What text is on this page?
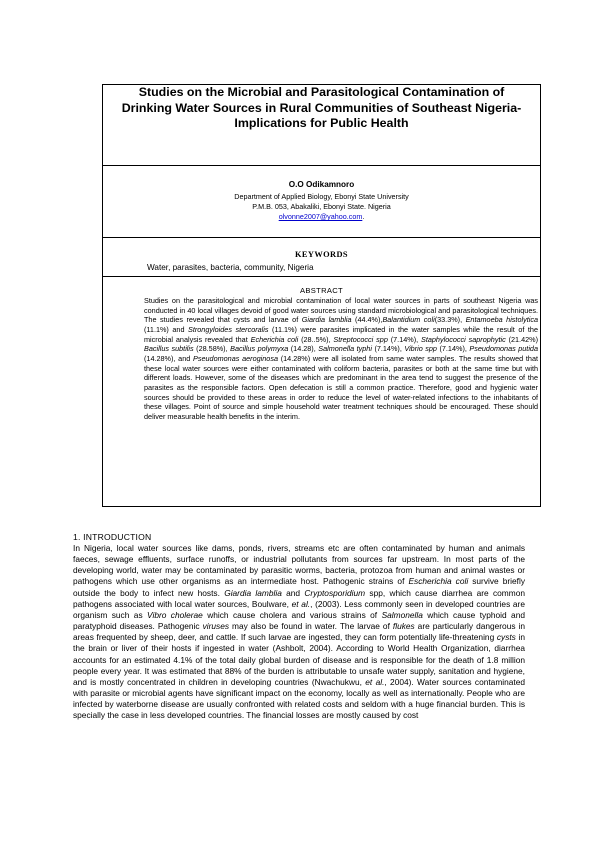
Studies on the Microbial and Parasitological Contamination of Drinking Water Sources in Rural Communities of Southeast Nigeria-Implications for Public Health
O.O Odikamnoro
Department of Applied Biology, Ebonyi State University
P.M.B. 053, Abakaliki, Ebonyi State. Nigeria
olvonne2007@yahoo.com.
KEYWORDS
Water, parasites, bacteria, community, Nigeria
ABSTRACT
Studies on the parasitological and microbial contamination of local water sources in parts of southeast Nigeria was conducted in 40 local villages devoid of good water sources using standard microbiological and parasitological techniques. The studies revealed that cysts and larvae of Giardia lamblia (44.4%),Balantidium coli(33.3%), Entamoeba histolytica (11.1%) and Strongyloides stercoralis (11.1%) were parasites implicated in the water samples while the result of the microbial analysis revealed that Echerichia coli (28..5%), Streptococci spp (7.14%), Staphylococci saprophytic (21.42%) Bacillus subtilis (28.58%), Bacillus polymyxa (14.28), Salmonella typhi (7.14%), Vibrio spp (7.14%), Pseudomonas putida (14.28%), and Pseudomonas aeroginosa (14.28%) were all isolated from same water samples. The results showed that these local water sources were either contaminated with coliform bacteria, parasites or both at the same time but with different loads. However, some of the diseases which are predominant in the area tend to suggest the presence of the parasites as the responsible factors. Open defecation is still a common practice. Therefore, good and hygienic water sources should be provided to these areas in order to reduce the level of water-related infections to the inhabitants of these villages. Point of source and simple household water treatment techniques should be encouraged. These should deliver measurable health benefits in the interim.
1. INTRODUCTION
In Nigeria, local water sources like dams, ponds, rivers, streams etc are often contaminated by human and animals faeces, sewage effluents, surface runoffs, or industrial pollutants from sources far upstream. In most parts of the developing world, water may be contaminated by parasitic worms, bacteria, protozoa from human and animal wastes or pathogens which use other organisms as an intermediate host. Pathogenic strains of Escherichia coli survive briefly outside the body to infect new hosts. Giardia lamblia and Cryptosporidium spp, which cause diarrhea are common pathogens associated with local water sources, Boulware, et al., (2003). Less commonly seen in developed countries are organism such as Vibro cholerae which cause cholera and various strains of Salmonella which cause typhoid and paratyphoid diseases. Pathogenic viruses may also be found in water. The larvae of flukes are particularly dangerous in areas frequented by sheep, deer, and cattle. If such larvae are ingested, they can form potentially life-threatening cysts in the brain or liver of their hosts if ingested in water (Ashbolt, 2004). According to World Health Organization, diarrhea accounts for an estimated 4.1% of the total daily global burden of disease and is responsible for the death of 1.8 million people every year. It was estimated that 88% of the burden is attributable to unsafe water supply, sanitation and hygiene, and is mostly concentrated in children in developing countries (Nwachukwu, et al., 2004). Water sources contaminated with parasite or microbial agents have significant impact on the economy, locally as well as internationally. People who are infected by waterborne disease are usually confronted with related costs and seldom with a huge financial burden. This is specially the case in less developed countries. The financial losses are mostly caused by cost
